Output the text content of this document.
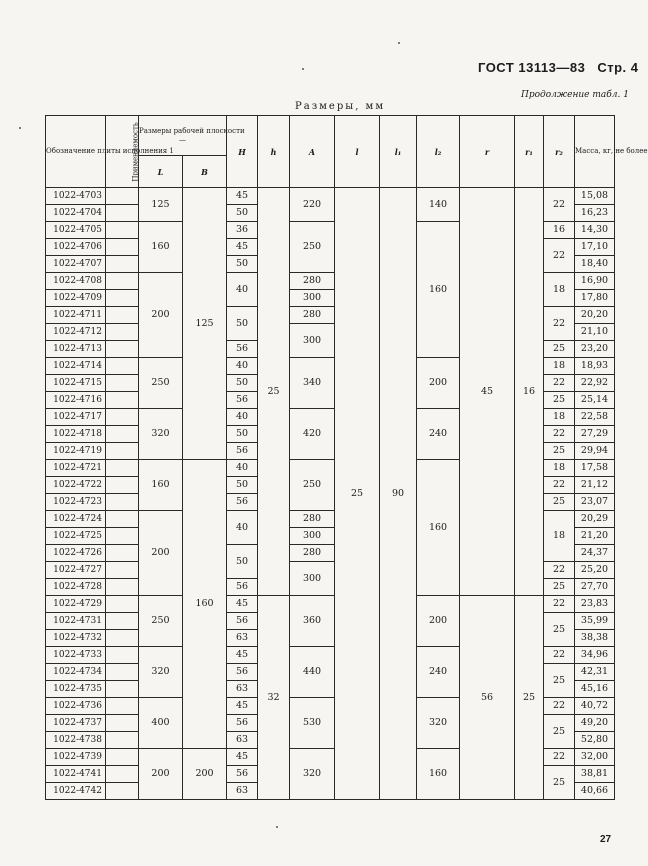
ГОСТ 13113—83 Стр. 4
Продолжение табл. 1
Размеры, мм
Обозначение плиты исполнения 1	Применяемость	Размеры рабочей плоскости
—		H	h	A	l	l₁	l₂	r	r₁	r₂	Масса, кг, не более
		L	B										
1022-4703		125	125	45	25	220	25	90	140	45	16	22	15,08
1022-4704				50									16,23
1022-4705		160		36		250			160			16	14,30
1022-4706				45								22	17,10
1022-4707				50									18,40
1022-4708		200		40		280						18	16,90
1022-4709						300							17,80
1022-4711				50		280						22	20,20
1022-4712						300							21,10
1022-4713				56								25	23,20
1022-4714		250		40		340			200			18	18,93
1022-4715				50								22	22,92
1022-4716				56								25	25,14
1022-4717		320		40		420			240			18	22,58
1022-4718				50								22	27,29
1022-4719				56								25	29,94
1022-4721		160	160	40		250			160			18	17,58
1022-4722				50								22	21,12
1022-4723				56								25	23,07
1022-4724		200		40		280						18	20,29
1022-4725						300							21,20
1022-4726				50		280							24,37
1022-4727						300						22	25,20
1022-4728				56								25	27,70
1022-4729		250		45	32	360			200	56	25	22	23,83
1022-4731				56								25	35,99
1022-4732				63									38,38
1022-4733		320		45		440			240			22	34,96
1022-4734				56								25	42,31
1022-4735				63									45,16
1022-4736		400		45		530			320			22	40,72
1022-4737				56								25	49,20
1022-4738				63									52,80
1022-4739		200	200	45		320			160			22	32,00
1022-4741				56								25	38,81
1022-4742				63									40,66
27
